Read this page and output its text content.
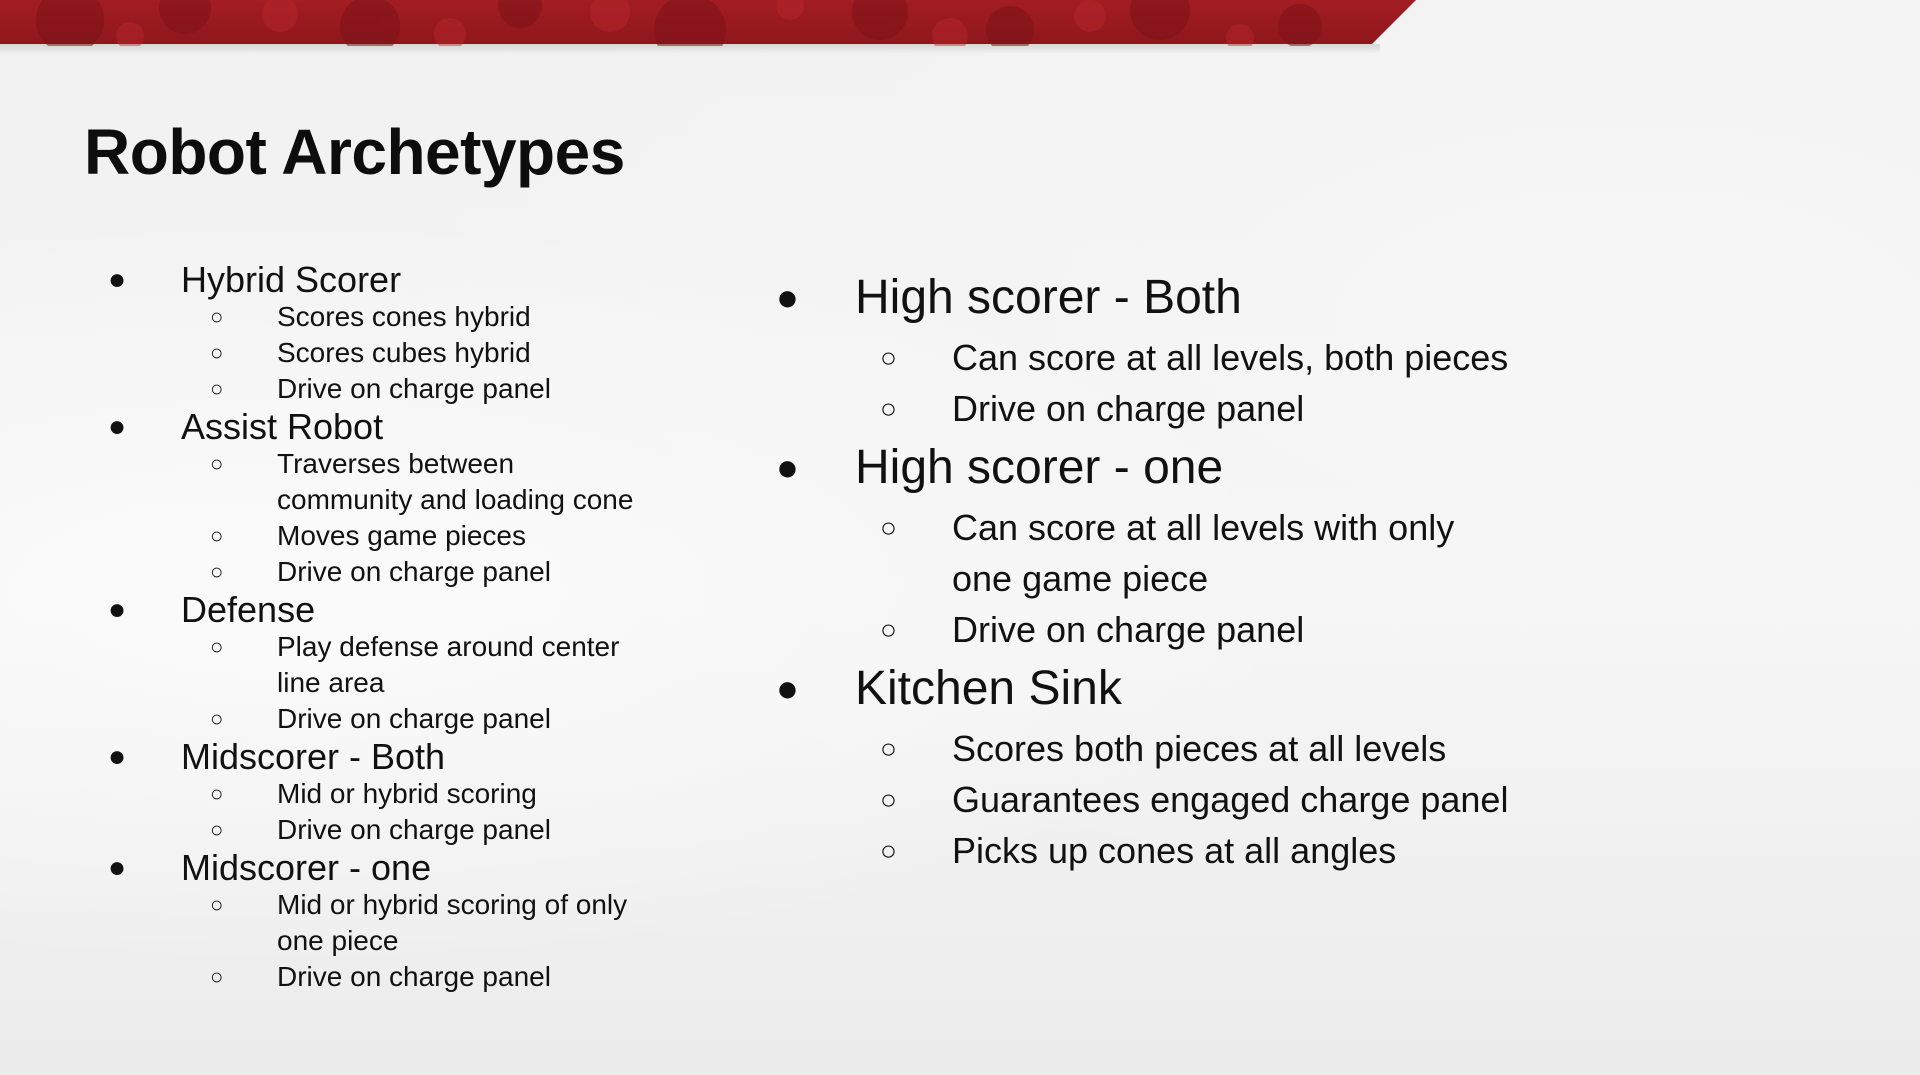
Robot Archetypes
● Hybrid Scorer
○ Scores cones hybrid
○ Scores cubes hybrid
○ Drive on charge panel
● Assist Robot
○ Traverses between community and loading cone
○ Moves game pieces
○ Drive on charge panel
● Defense
○ Play defense around center line area
○ Drive on charge panel
● Midscorer - Both
○ Mid or hybrid scoring
○ Drive on charge panel
● Midscorer - one
○ Mid or hybrid scoring of only one piece
○ Drive on charge panel
● High scorer - Both
○ Can score at all levels, both pieces
○ Drive on charge panel
● High scorer - one
○ Can score at all levels with only one game piece
○ Drive on charge panel
● Kitchen Sink
○ Scores both pieces at all levels
○ Guarantees engaged charge panel
○ Picks up cones at all angles
